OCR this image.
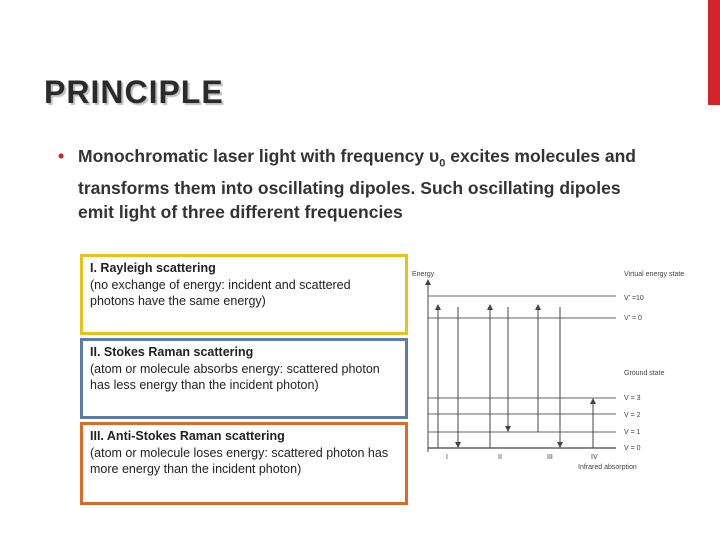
PRINCIPLE
• Monochromatic laser light with frequency $\upsilon_0$ excites molecules and transforms them into oscillating dipoles. Such oscillating dipoles emit light of three different frequencies
I. Rayleigh scattering
(no exchange of energy: incident and scattered photons have the same energy)
II. Stokes Raman scattering
(atom or molecule absorbs energy: scattered photon has less energy than the incident photon)
III. Anti-Stokes Raman scattering
(atom or molecule loses energy: scattered photon has more energy than the incident photon)
Energy	Virtual energy state
V' =10
V' = 0
Ground state
V = 3
V = 2
V = 1
V = 0
I	II	III	IV
Infrared absorption
